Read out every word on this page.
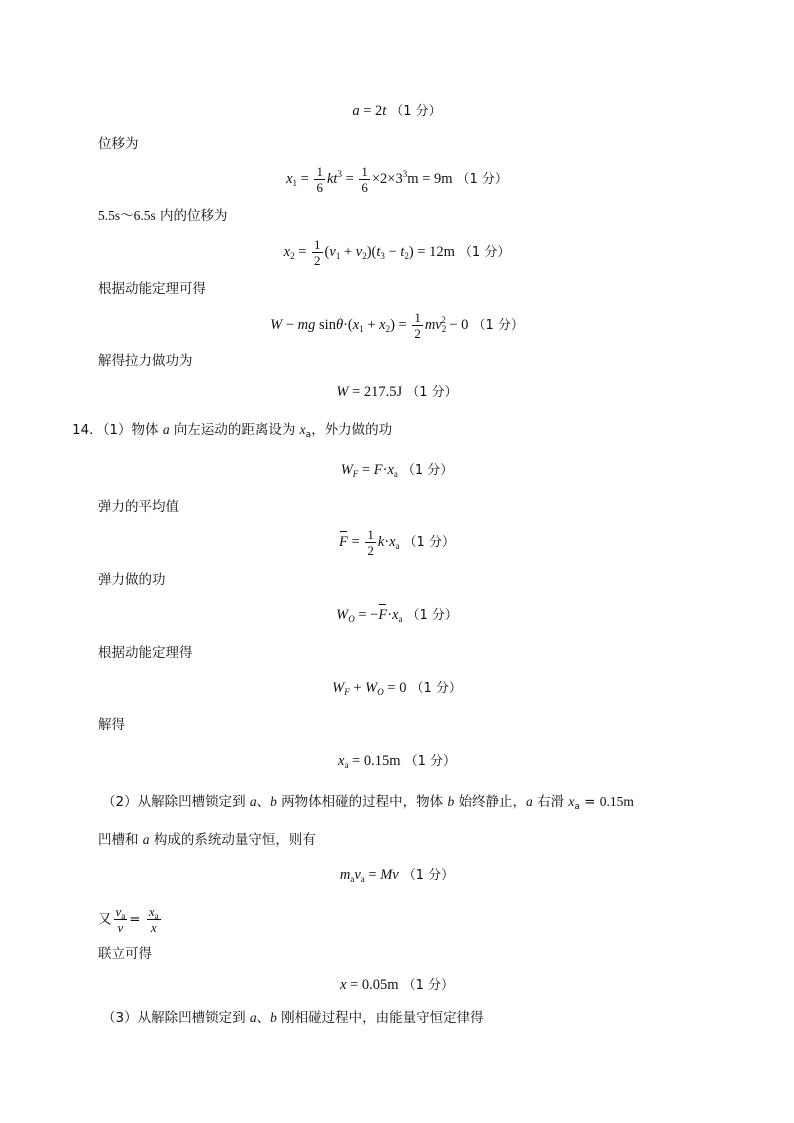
a = 2t （1 分）
位移为
$x_1 = \frac{1}{6} kt^3 = \frac{1}{6} \times 2\times 3^3m = 9m$ （1 分）
5.5s～6.5s 内的位移为
$x_2 = \frac{1}{2} (v_1 + v_2)(t_3 - t_2) = 12m$ （1 分）
根据动能定理可得
W − mg $\sin\theta\cdot(x_1 + x_2) = \frac{1}{2} mv_2^2 - 0$ （1 分）
解得拉力做功为
W = 217.5J （1 分）
14．（1）物体 a 向左运动的距离设为 $x_a$，外力做的功
$W_F = F\cdot x_a$ （1 分）
弹力的平均值
$F = \frac{1}{2} k\cdot x_a$ （1 分）
弹力做的功
$W_O = -F\cdot x_a$ （1 分）
根据动能定理得
$W_F + W_O = 0$ （1 分）
解得
$x_a = 0.15m$ （1 分）
（2）从解除凹槽锁定到 a、b 两物体相碰的过程中，物体 b 始终静止，a 右滑 $x_a = 0.15m$
凹槽和 a 构成的系统动量守恒，则有
$m_av_a = Mv$ （1 分）
又 $\frac{v_a}{v} = \frac{x_a}{x}$
联立可得
x = 0.05m （1 分）
（3）从解除凹槽锁定到 a、b 刚相碰过程中，由能量守恒定律得
